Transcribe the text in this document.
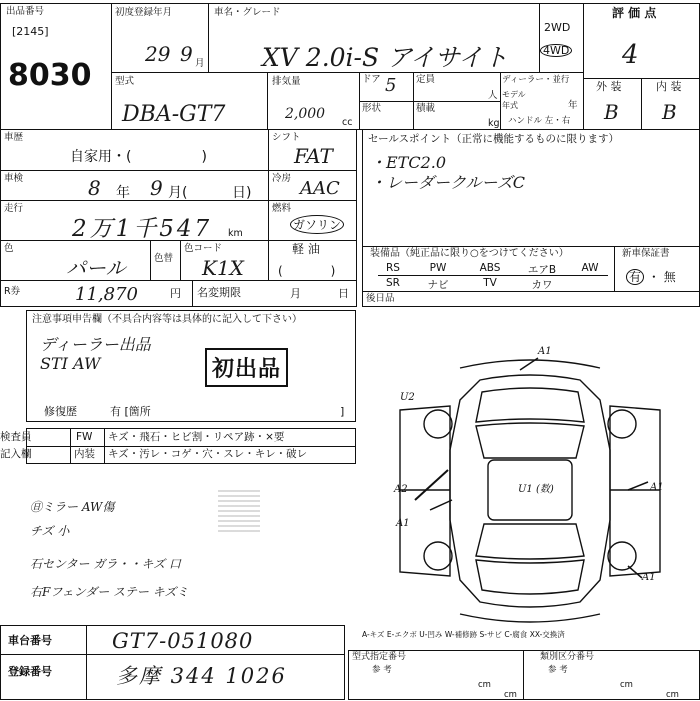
出品番号
[2145]
8030
初度登録年月
29 9 月
車名・グレード
XV 2.0i-S アイサイト
2WD
4WD
評 価 点
4
外 装	内 装
B B
型式
DBA-GT7
排気量
2,000
cc
ドア 5 定員
人
形状	積載
kg
ディーラー・並行
モデル年式	年
ハンドル 左・右
車歴
自家用・(　　　　　)
シフト
FAT
車検	8 年 9 月(	日)
冷房 AAC
走行
2万1千547 km
燃料
ガソリン
軽 油
色
パール	色替
色コード
K1X	(　　　　)
R券	11,870	円 名変期限	月	日
セールスポイント（正常に機能するものに限ります）
・ETC2.0
・レーダークルーズC
装備品（純正品に限り○をつけてください）	新車保証書
有 ・ 無
RS	PW	ABS	エアB	AW
SR	ナビ	TV	カワ
後日品
注意事項申告欄（不具合内容等は具体的に記入して下さい）
ディーラー出品
STI AW	初出品
修復歴	有 [箇所	]
検査員
記入欄
FW キズ・飛石・ヒビ割・リペア跡・×要
内装 キズ・汚レ・コゲ・穴・スレ・キレ・破レ
㊐ミラー AW傷
チズ 小
石センター ガラ・・キズ 口
右Fフェンダー ステー キズミ
A1
U2
A2
A1
U1 (数)	A1
A1
A-キズ E-エクボ U-凹み W-補修跡 S-サビ C-腐食 XX-交換済
車台番号	GT7-051080
登録番号	多摩 344 1026
型式指定番号
参 考
cm
cm
類別区分番号
参 考
cm
cm
